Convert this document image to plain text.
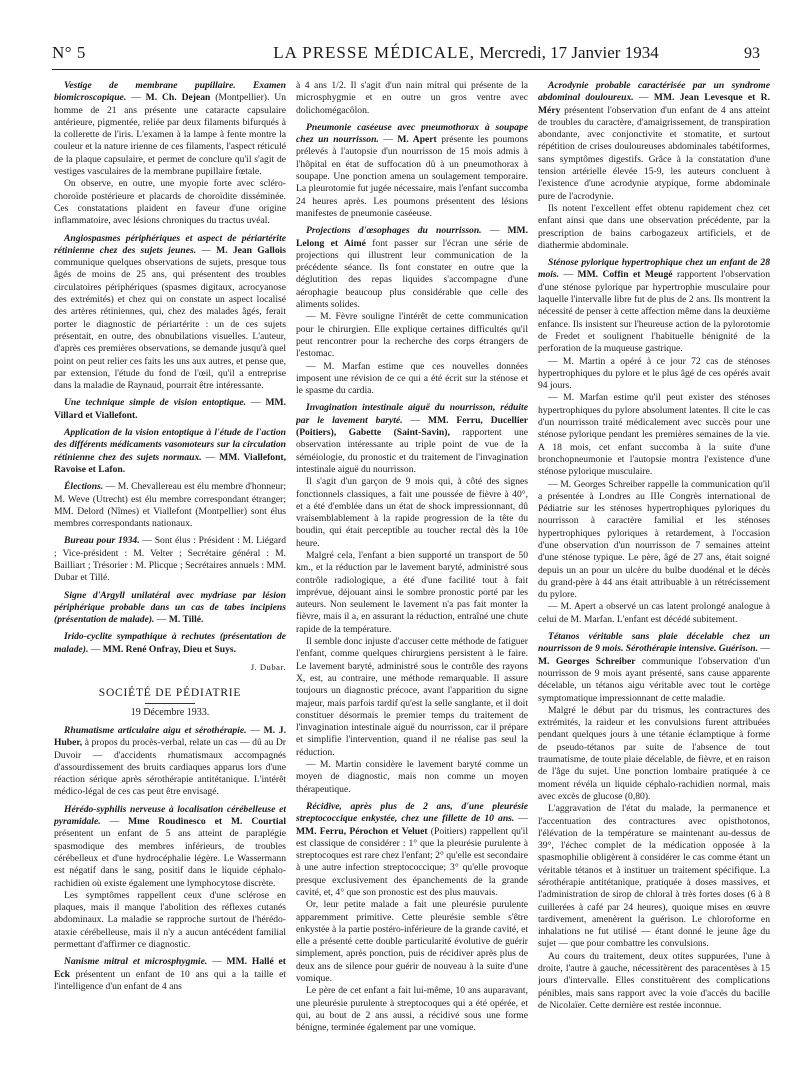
N° 5	LA PRESSE MÉDICALE, Mercredi, 17 Janvier 1934	93

Vestige de membrane pupillaire. Examen biomicroscopique. — M. Ch. Dejean (Montpellier). Un homme de 21 ans présente une cataracte capsulaire antérieure, pigmentée, reliée par deux filaments bifurqués à la collerette de l'iris. L'examen à la lampe à fente montre la couleur et la nature irienne de ces filaments, l'aspect réticulé de la plaque capsulaire, et permet de conclure qu'il s'agit de vestiges vasculaires de la membrane pupillaire fœtale.

On observe, en outre, une myopie forte avec scléro-choroïde postérieure et placards de choroïdite disséminée. Ces constatations plaident en faveur d'une origine inflammatoire, avec lésions chroniques du tractus uvéal.

Angiospasmes périphériques et aspect de périartérite rétinienne chez des sujets jeunes. — M. Jean Gallois communique quelques observations de sujets, presque tous âgés de moins de 25 ans, qui présentent des troubles circulatoires périphériques (spasmes digitaux, acrocyanose des extrémités) et chez qui on constate un aspect localisé des artères rétiniennes, qui, chez des malades âgés, ferait porter le diagnostic de périartérite : un de ces sujets présentait, en outre, des obnubilations visuelles. L'auteur, d'après ces premières observations, se demande jusqu'à quel point on peut relier ces faits les uns aux autres, et pense que, par extension, l'étude du fond de l'œil, qu'il a entreprise dans la maladie de Raynaud, pourrait être intéressante.

Une technique simple de vision entoptique. — MM. Villard et Viallefont.

Application de la vision entoptique à l'étude de l'action des différents médicaments vasomoteurs sur la circulation rétinienne chez des sujets normaux. — MM. Viallefont, Ravoise et Lafon.

Élections. — M. Chevallereau est élu membre d'honneur; M. Weve (Utrecht) est élu membre correspondant étranger; MM. Delord (Nîmes) et Viallefont (Montpellier) sont élus membres correspondants nationaux.

Bureau pour 1934. — Sont élus : Président : M. Liégard ; Vice-président : M. Velter ; Secrétaire général : M. Bailliart ; Trésorier : M. Plicque ; Secrétaires annuels : MM. Dubar et Tillé.

Signe d'Argyll unilatéral avec mydriase par lésion périphérique probable dans un cas de tabes incipiens (présentation de malade). — M. Tillé.

Irido-cyclite sympathique à rechutes (présentation de malade). — MM. René Onfray, Dieu et Suys.

J. Dubar.
SOCIÉTÉ DE PÉDIATRIE
19 Décembre 1933.

Rhumatisme articulaire aigu et sérothérapie. — M. J. Huber, à propos du procès-verbal, relate un cas — dû au Dr Duvoir — d'accidents rhumatismaux accompagnés d'assourdissement des bruits cardiaques apparus lors d'une réaction sérique après sérothérapie antitétanique. L'intérêt médico-légal de ces cas peut être envisagé.

Hérédo-syphilis nerveuse à localisation cérébelleuse et pyramidale. — Mme Roudinesco et M. Courtial présentent un enfant de 5 ans atteint de paraplégie spasmodique des membres inférieurs, de troubles cérébelleux et d'une hydrocéphalie légère. Le Wassermann est négatif dans le sang, positif dans le liquide céphalo-rachidien où existe également une lymphocytose discrète.

Les symptômes rappellent ceux d'une sclérose en plaques, mais il manque l'abolition des réflexes cutanés abdominaux. La maladie se rapproche surtout de l'hérédo-ataxie cérébelleuse, mais il n'y a aucun antécédent familial permettant d'affirmer ce diagnostic.

Nanisme mitral et microsphygmie. — MM. Hallé et Eck présentent un enfant de 10 ans qui a la taille et l'intelligence d'un enfant de 4 ans

à 4 ans 1/2. Il s'agit d'un nain mitral qui présente de la microsphygmie et en outre un gros ventre avec dolichomégacôlon.

Pneumonie caséeuse avec pneumothorax à soupape chez un nourrisson. — M. Apert présente les poumons prélevés à l'autopsie d'un nourrisson de 15 mois admis à l'hôpital en état de suffocation dû à un pneumothorax à soupape. Une ponction amena un soulagement temporaire. La pleurotomie fut jugée nécessaire, mais l'enfant succomba 24 heures après. Les poumons présentent des lésions manifestes de pneumonie caséeuse.

Projections d'œsophages du nourrisson. — MM. Lelong et Aimé font passer sur l'écran une série de projections qui illustrent leur communication de la précédente séance. Ils font constater en outre que la déglutition des repas liquides s'accompagne d'une aérophagie beaucoup plus considérable que celle des aliments solides.

— M. Fèvre souligne l'intérêt de cette communication pour le chirurgien. Elle explique certaines difficultés qu'il peut rencontrer pour la recherche des corps étrangers de l'estomac.

— M. Marfan estime que ces nouvelles données imposent une révision de ce qui a été écrit sur la sténose et le spasme du cardia.

Invagination intestinale aiguë du nourrisson, réduite par le lavement baryté. — MM. Ferru, Ducellier (Poitiers), Gabette (Saint-Savin), rapportent une observation intéressante au triple point de vue de la séméiologie, du pronostic et du traitement de l'invagination intestinale aiguë du nourrisson.

Il s'agit d'un garçon de 9 mois qui, à côté des signes fonctionnels classiques, a fait une poussée de fièvre à 40°, et a été d'emblée dans un état de shock impressionnant, dû vraisemblablement à la rapide progression de la tête du boudin, qui était perceptible au toucher rectal dès la 10e heure.

Malgré cela, l'enfant a bien supporté un transport de 50 km., et la réduction par le lavement baryté, administré sous contrôle radiologique, a été d'une facilité tout à fait imprévue, déjouant ainsi le sombre pronostic porté par les auteurs. Non seulement le lavement n'a pas fait monter la fièvre, mais il a, en assurant la réduction, entraîné une chute rapide de la température.

Il semble donc injuste d'accuser cette méthode de fatiguer l'enfant, comme quelques chirurgiens persistent à le faire. Le lavement baryté, administré sous le contrôle des rayons X, est, au contraire, une méthode remarquable. Il assure toujours un diagnostic précoce, avant l'apparition du signe majeur, mais parfois tardif qu'est la selle sanglante, et il doit constituer désormais le premier temps du traitement de l'invagination intestinale aiguë du nourrisson, car il prépare et simplifie l'intervention, quand il ne réalise pas seul la réduction.

— M. Martin considère le lavement baryté comme un moyen de diagnostic, mais non comme un moyen thérapeutique.

Récidive, après plus de 2 ans, d'une pleurésie streptococcique enkystée, chez une fillette de 10 ans. — MM. Ferru, Pérochon et Veluet (Poitiers) rappellent qu'il est classique de considérer : 1° que la pleurésie purulente à streptocoques est rare chez l'enfant; 2° qu'elle est secondaire à une autre infection streptococcique; 3° qu'elle provoque presque exclusivement des épanchements de la grande cavité, et, 4° que son pronostic est des plus mauvais.

Or, leur petite malade a fait une pleurésie purulente apparemment primitive. Cette pleurésie semble s'être enkystée à la partie postéro-inférieure de la grande cavité, et elle a présenté cette double particularité évolutive de guérir simplement, après ponction, puis de récidiver après plus de deux ans de silence pour guérir de nouveau à la suite d'une vomique.

Le père de cet enfant a fait lui-même, 10 ans auparavant, une pleurésie purulente à streptocoques qui a été opérée, et qui, au bout de 2 ans aussi, a récidivé sous une forme bénigne, terminée également par une vomique.

Acrodynie probable caractérisée par un syndrome abdominal douloureux. — MM. Jean Levesque et R. Méry présentent l'observation d'un enfant de 4 ans atteint de troubles du caractère, d'amaigrissement, de transpiration abondante, avec conjonctivite et stomatite, et surtout répétition de crises douloureuses abdominales tabétiformes, sans symptômes digestifs. Grâce à la constatation d'une tension artérielle élevée 15-9, les auteurs concluent à l'existence d'une acrodynie atypique, forme abdominale pure de l'acrodynie.

Ils notent l'excellent effet obtenu rapidement chez cet enfant ainsi que dans une observation précédente, par la prescription de bains carbogazeux artificiels, et de diathermie abdominale.

Sténose pylorique hypertrophique chez un enfant de 28 mois. — MM. Coffin et Meugé rapportent l'observation d'une sténose pylorique par hypertrophie musculaire pour laquelle l'intervalle libre fut de plus de 2 ans. Ils montrent la nécessité de penser à cette affection même dans la deuxième enfance. Ils insistent sur l'heureuse action de la pylorotomie de Fredet et soulignent l'habituelle bénignité de la perforation de la muqueuse gastrique.

— M. Martin a opéré à ce jour 72 cas de sténoses hypertrophiques du pylore et le plus âgé de ces opérés avait 94 jours.

— M. Marfan estime qu'il peut exister des sténoses hypertrophiques du pylore absolument latentes. Il cite le cas d'un nourrisson traité médicalement avec succès pour une sténose pylorique pendant les premières semaines de la vie. A 18 mois, cet enfant succomba à la suite d'une bronchopneumonie et l'autopsie montra l'existence d'une sténose pylorique musculaire.

— M. Georges Schreiber rappelle la communication qu'il a présentée à Londres au IIIe Congrès international de Pédiatrie sur les sténoses hypertrophiques pyloriques du nourrisson à caractère familial et les sténoses hypertrophiques pyloriques à retardement, à l'occasion d'une observation d'un nourrisson de 7 semaines atteint d'une sténose typique. Le père, âgé de 27 ans, était soigné depuis un an pour un ulcère du bulbe duodénal et le décès du grand-père à 44 ans était attribuable à un rétrécissement du pylore.

— M. Apert a observé un cas latent prolongé analogue à celui de M. Marfan. L'enfant est décédé subitement.

Tétanos véritable sans plaie décelable chez un nourrisson de 9 mois. Sérothérapie intensive. Guérison. — M. Georges Schreiber communique l'observation d'un nourrisson de 9 mois ayant présenté, sans cause apparente décelable, un tétanos aigu véritable avec tout le cortège symptomatique impressionnant de cette maladie.

Malgré le début par du trismus, les contractures des extrémités, la raideur et les convulsions furent attribuées pendant quelques jours à une tétanie éclamptique à forme de pseudo-tétanos par suite de l'absence de tout traumatisme, de toute plaie décelable, de fièvre, et en raison de l'âge du sujet. Une ponction lombaire pratiquée à ce moment révéla un liquide céphalo-rachidien normal, mais avec excès de glucose (0,80).

L'aggravation de l'état du malade, la permanence et l'accentuation des contractures avec opisthotonos, l'élévation de la température se maintenant au-dessus de 39°, l'échec complet de la médication opposée à la spasmophilie obligèrent à considérer le cas comme étant un véritable tétanos et à instituer un traitement spécifique. La sérothérapie antitétanique, pratiquée à doses massives, et l'administration de sirop de chloral à très fortes doses (6 à 8 cuillerées à café par 24 heures), quoique mises en œuvre tardivement, amenèrent la guérison. Le chloroforme en inhalations ne fut utilisé — étant donné le jeune âge du sujet — que pour combattre les convulsions.

Au cours du traitement, deux otites suppurées, l'une à droite, l'autre à gauche, nécessitèrent des paracentèses à 15 jours d'intervalle. Elles constituèrent des complications pénibles, mais sans rapport avec la voie d'accès du bacille de Nicolaïer. Cette dernière est restée inconnue.
